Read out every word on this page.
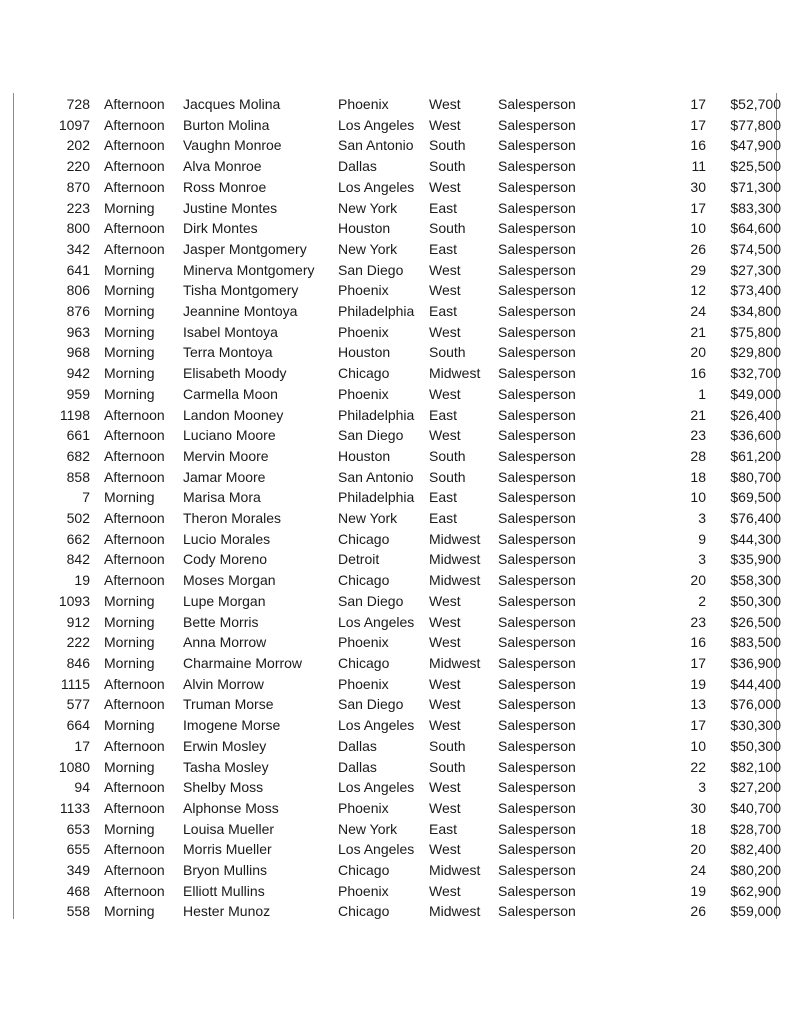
728	Afternoon	Jacques Molina	Phoenix	West	Salesperson	17	$52,700
1097	Afternoon	Burton Molina	Los Angeles	West	Salesperson	17	$77,800
202	Afternoon	Vaughn Monroe	San Antonio	South	Salesperson	16	$47,900
220	Afternoon	Alva Monroe	Dallas	South	Salesperson	11	$25,500
870	Afternoon	Ross Monroe	Los Angeles	West	Salesperson	30	$71,300
223	Morning	Justine Montes	New York	East	Salesperson	17	$83,300
800	Afternoon	Dirk Montes	Houston	South	Salesperson	10	$64,600
342	Afternoon	Jasper Montgomery	New York	East	Salesperson	26	$74,500
641	Morning	Minerva Montgomery	San Diego	West	Salesperson	29	$27,300
806	Morning	Tisha Montgomery	Phoenix	West	Salesperson	12	$73,400
876	Morning	Jeannine Montoya	Philadelphia	East	Salesperson	24	$34,800
963	Morning	Isabel Montoya	Phoenix	West	Salesperson	21	$75,800
968	Morning	Terra Montoya	Houston	South	Salesperson	20	$29,800
942	Morning	Elisabeth Moody	Chicago	Midwest	Salesperson	16	$32,700
959	Morning	Carmella Moon	Phoenix	West	Salesperson	1	$49,000
1198	Afternoon	Landon Mooney	Philadelphia	East	Salesperson	21	$26,400
661	Afternoon	Luciano Moore	San Diego	West	Salesperson	23	$36,600
682	Afternoon	Mervin Moore	Houston	South	Salesperson	28	$61,200
858	Afternoon	Jamar Moore	San Antonio	South	Salesperson	18	$80,700
7	Morning	Marisa Mora	Philadelphia	East	Salesperson	10	$69,500
502	Afternoon	Theron Morales	New York	East	Salesperson	3	$76,400
662	Afternoon	Lucio Morales	Chicago	Midwest	Salesperson	9	$44,300
842	Afternoon	Cody Moreno	Detroit	Midwest	Salesperson	3	$35,900
19	Afternoon	Moses Morgan	Chicago	Midwest	Salesperson	20	$58,300
1093	Morning	Lupe Morgan	San Diego	West	Salesperson	2	$50,300
912	Morning	Bette Morris	Los Angeles	West	Salesperson	23	$26,500
222	Morning	Anna Morrow	Phoenix	West	Salesperson	16	$83,500
846	Morning	Charmaine Morrow	Chicago	Midwest	Salesperson	17	$36,900
1115	Afternoon	Alvin Morrow	Phoenix	West	Salesperson	19	$44,400
577	Afternoon	Truman Morse	San Diego	West	Salesperson	13	$76,000
664	Morning	Imogene Morse	Los Angeles	West	Salesperson	17	$30,300
17	Afternoon	Erwin Mosley	Dallas	South	Salesperson	10	$50,300
1080	Morning	Tasha Mosley	Dallas	South	Salesperson	22	$82,100
94	Afternoon	Shelby Moss	Los Angeles	West	Salesperson	3	$27,200
1133	Afternoon	Alphonse Moss	Phoenix	West	Salesperson	30	$40,700
653	Morning	Louisa Mueller	New York	East	Salesperson	18	$28,700
655	Afternoon	Morris Mueller	Los Angeles	West	Salesperson	20	$82,400
349	Afternoon	Bryon Mullins	Chicago	Midwest	Salesperson	24	$80,200
468	Afternoon	Elliott Mullins	Phoenix	West	Salesperson	19	$62,900
558	Morning	Hester Munoz	Chicago	Midwest	Salesperson	26	$59,000
